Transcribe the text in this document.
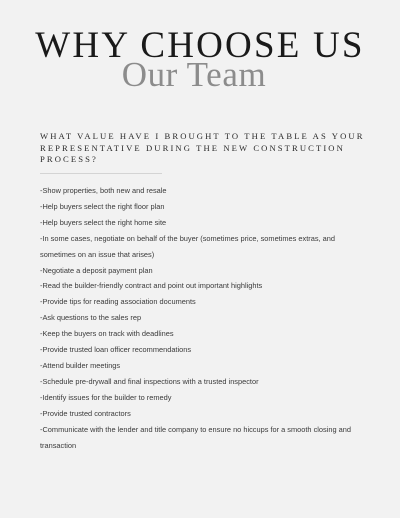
WHY CHOOSE US
Our Team
WHAT VALUE HAVE I BROUGHT TO THE TABLE AS YOUR REPRESENTATIVE DURING THE NEW CONSTRUCTION PROCESS?
-Show properties, both new and resale
-Help buyers select the right floor plan
-Help buyers select the right home site
-In some cases, negotiate on behalf of the buyer (sometimes price, sometimes extras, and
sometimes on an issue that arises)
-Negotiate a deposit payment plan
-Read the builder-friendly contract and point out important highlights
-Provide tips for reading association documents
-Ask questions to the sales rep
-Keep the buyers on track with deadlines
-Provide trusted loan officer recommendations
-Attend builder meetings
-Schedule pre-drywall and final inspections with a trusted inspector
-Identify issues for the builder to remedy
-Provide trusted contractors
-Communicate with the lender and title company to ensure no hiccups for a smooth closing and
transaction
